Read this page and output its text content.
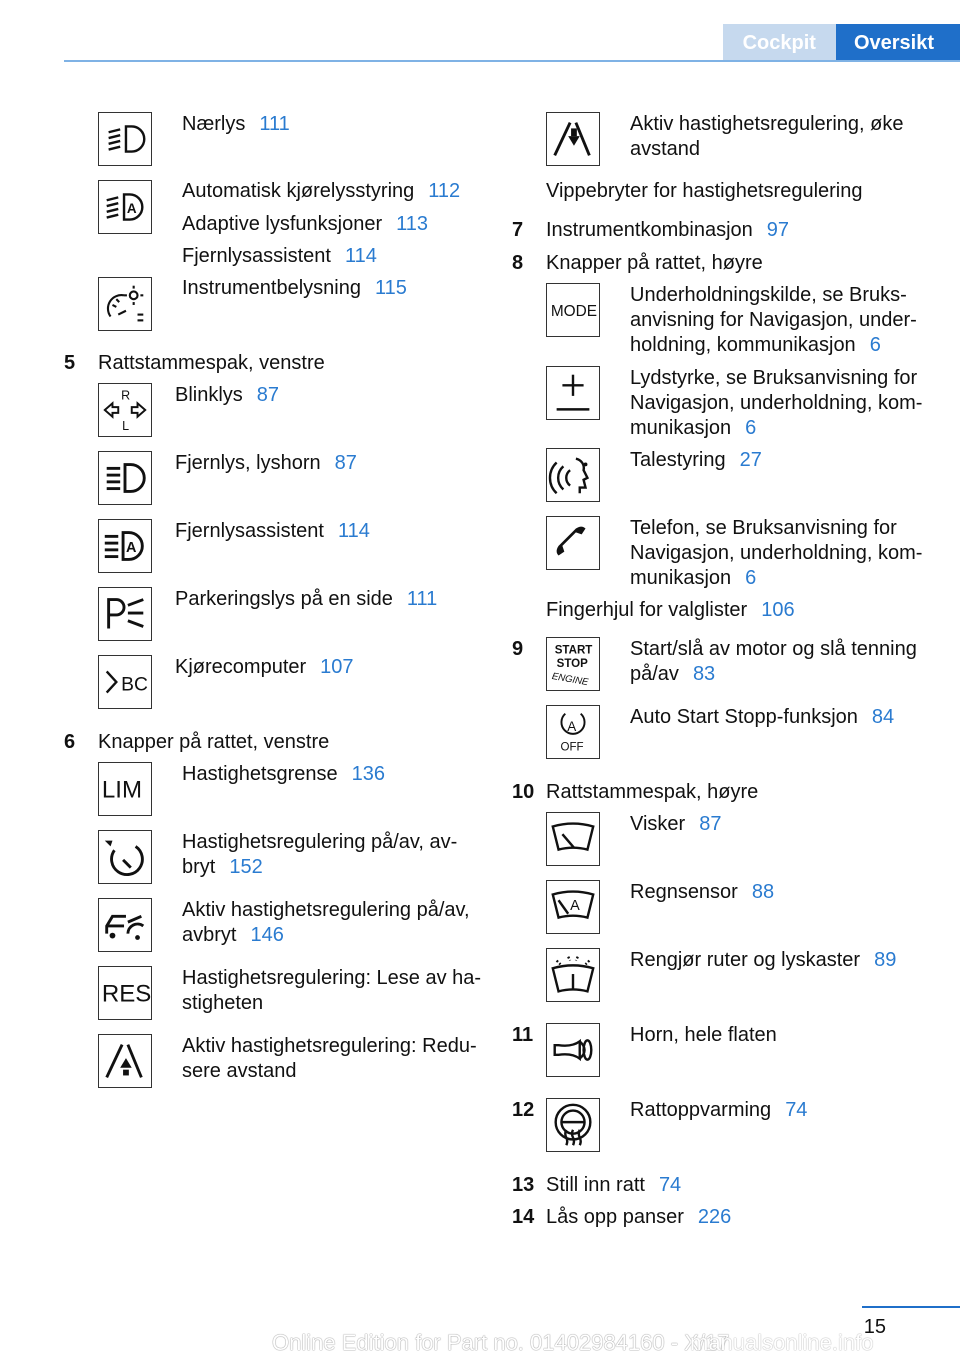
Cockpit	Oversikt
Nærlys 111
A
Automatisk kjørelysstyring 112
Adaptive lysfunksjoner 113
Fjernlysassistent 114
Instrumentbelysning 115
5 Rattstammespak, venstre
R
L
Blinklys 87
Fjernlys, lyshorn 87
A
Fjernlysassistent 114
Parkeringslys på en side 111
BC
Kjørecomputer 107
6 Knapper på rattet, venstre
LIM
Hastighetsgrense 136
Hastighetsregulering på/av, av-
bryt 152
Aktiv hastighetsregulering på/av,
avbryt 146
RES
Hastighetsregulering: Lese av ha-
stigheten
Aktiv hastighetsregulering: Redu-
sere avstand
Aktiv hastighetsregulering, øke
avstand
Vippebryter for hastighetsregulering
7 Instrumentkombinasjon 97
8 Knapper på rattet, høyre
MODE
Underholdningskilde, se Bruks-
anvisning for Navigasjon, under-
holdning, kommunikasjon 6
Lydstyrke, se Bruksanvisning for
Navigasjon, underholdning, kom-
munikasjon 6
Talestyring 27
Telefon, se Bruksanvisning for
Navigasjon, underholdning, kom-
munikasjon 6
Fingerhjul for valglister 106
9	START
STOP
ENGINE
Start/slå av motor og slå tenning
på/av 83
A
OFF
Auto Start Stopp-funksjon 84
10 Rattstammespak, høyre
Visker 87
A
Regnsensor 88
Rengjør ruter og lyskaster 89
11	Horn, hele flaten
12	Rattoppvarming 74
13 Still inn ratt 74
14 Lås opp panser 226
15
Online Edition for Part no. 01402984160 - X/17
manualsonline.info
